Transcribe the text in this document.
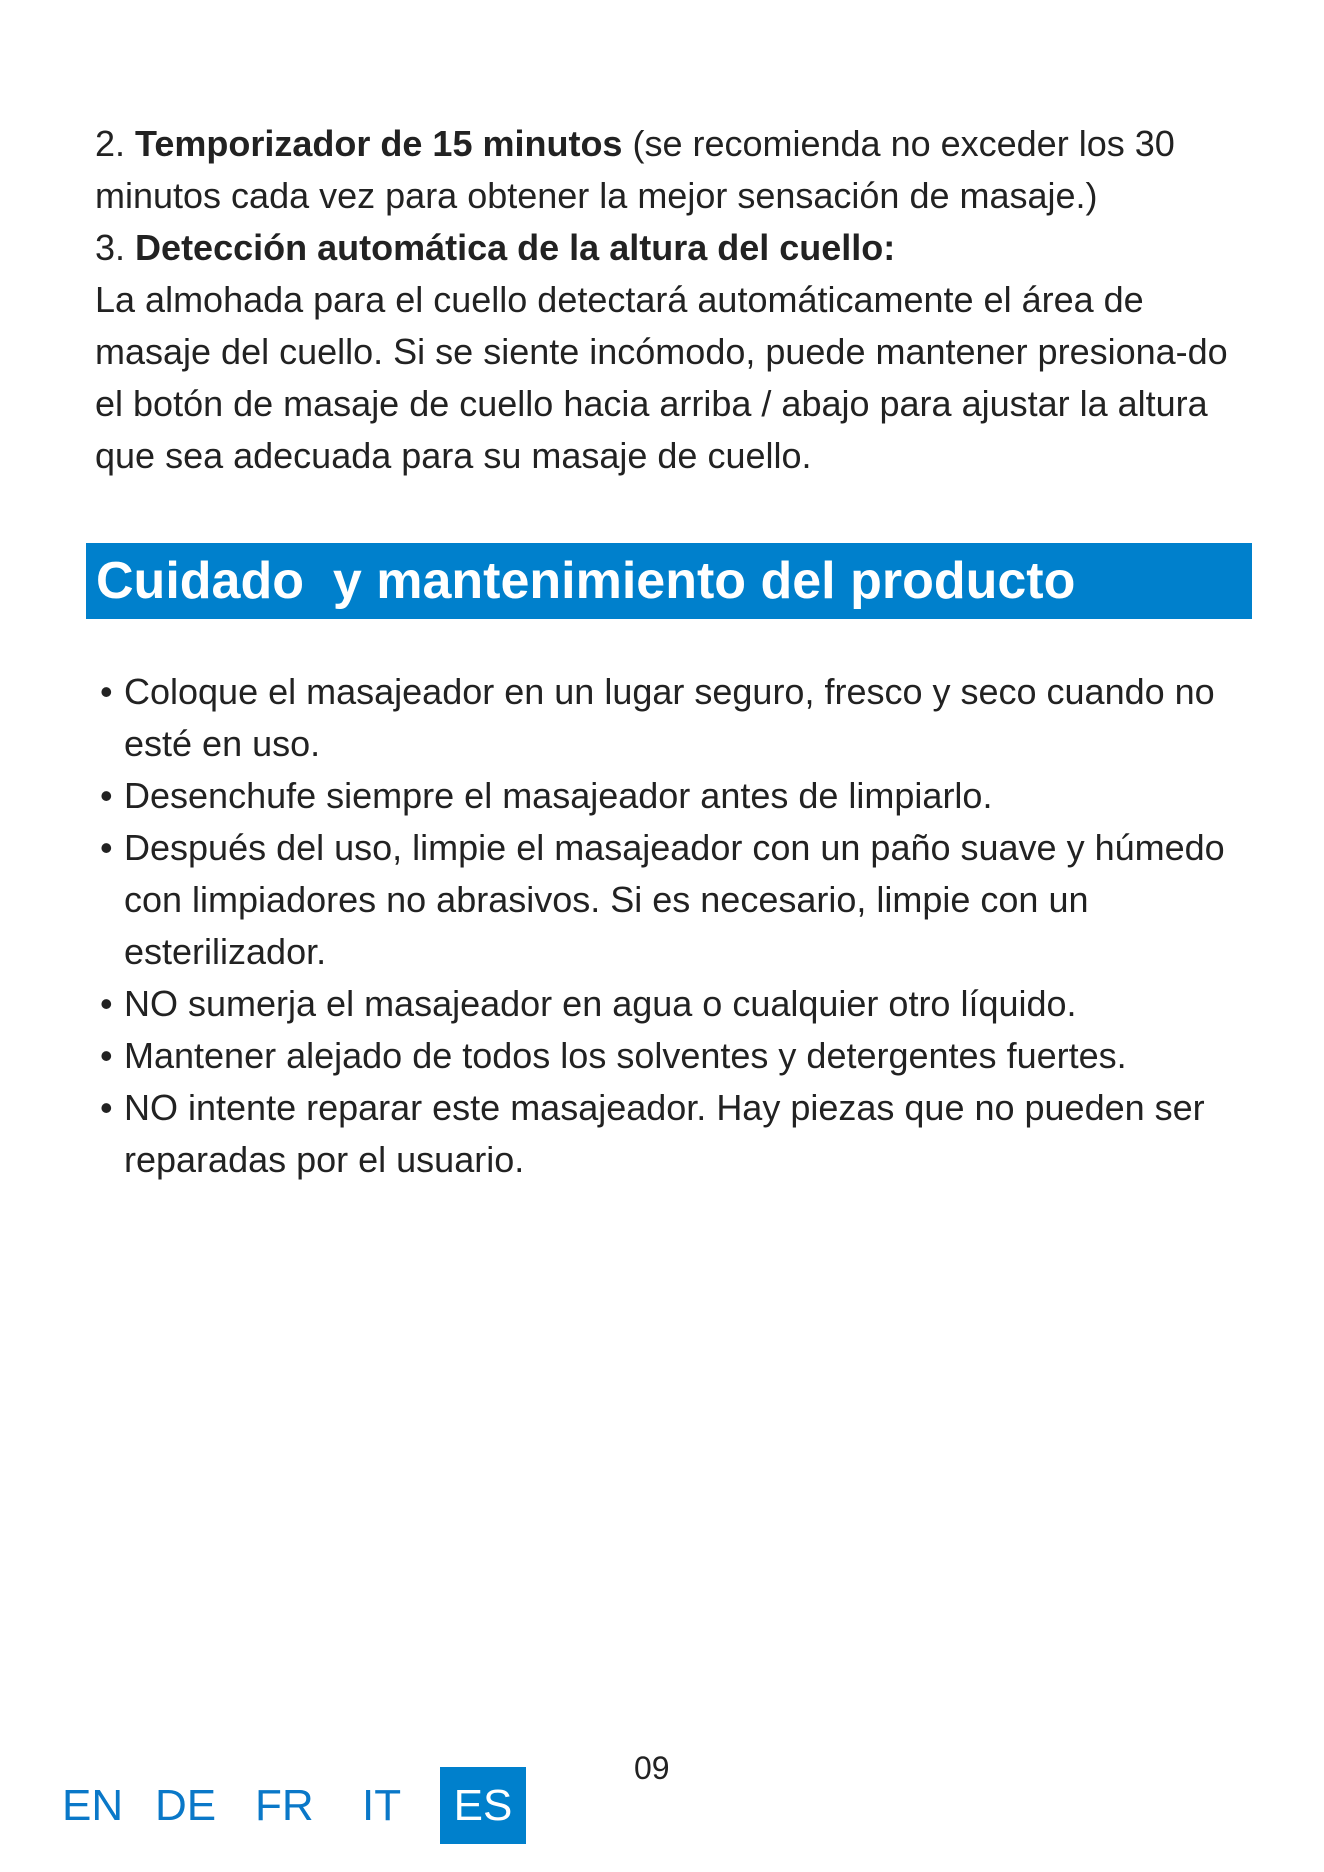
2. Temporizador de 15 minutos (se recomienda no exceder los 30 minutos cada vez para obtener la mejor sensación de masaje.)

3. Detección automática de la altura del cuello:

La almohada para el cuello detectará automáticamente el área de masaje del cuello. Si se siente incómodo, puede mantener presiona-do el botón de masaje de cuello hacia arriba / abajo para ajustar la altura que sea adecuada para su masaje de cuello.

Cuidado  y mantenimiento del producto
• Coloque el masajeador en un lugar seguro, fresco y seco cuando no esté en uso.
• Desenchufe siempre el masajeador antes de limpiarlo.
• Después del uso, limpie el masajeador con un paño suave y húmedo con limpiadores no abrasivos. Si es necesario, limpie con un esterilizador.
• NO sumerja el masajeador en agua o cualquier otro líquido.
• Mantener alejado de todos los solventes y detergentes fuertes.
• NO intente reparar este masajeador. Hay piezas que no pueden ser reparadas por el usuario.
09
EN DE FR IT	ES
